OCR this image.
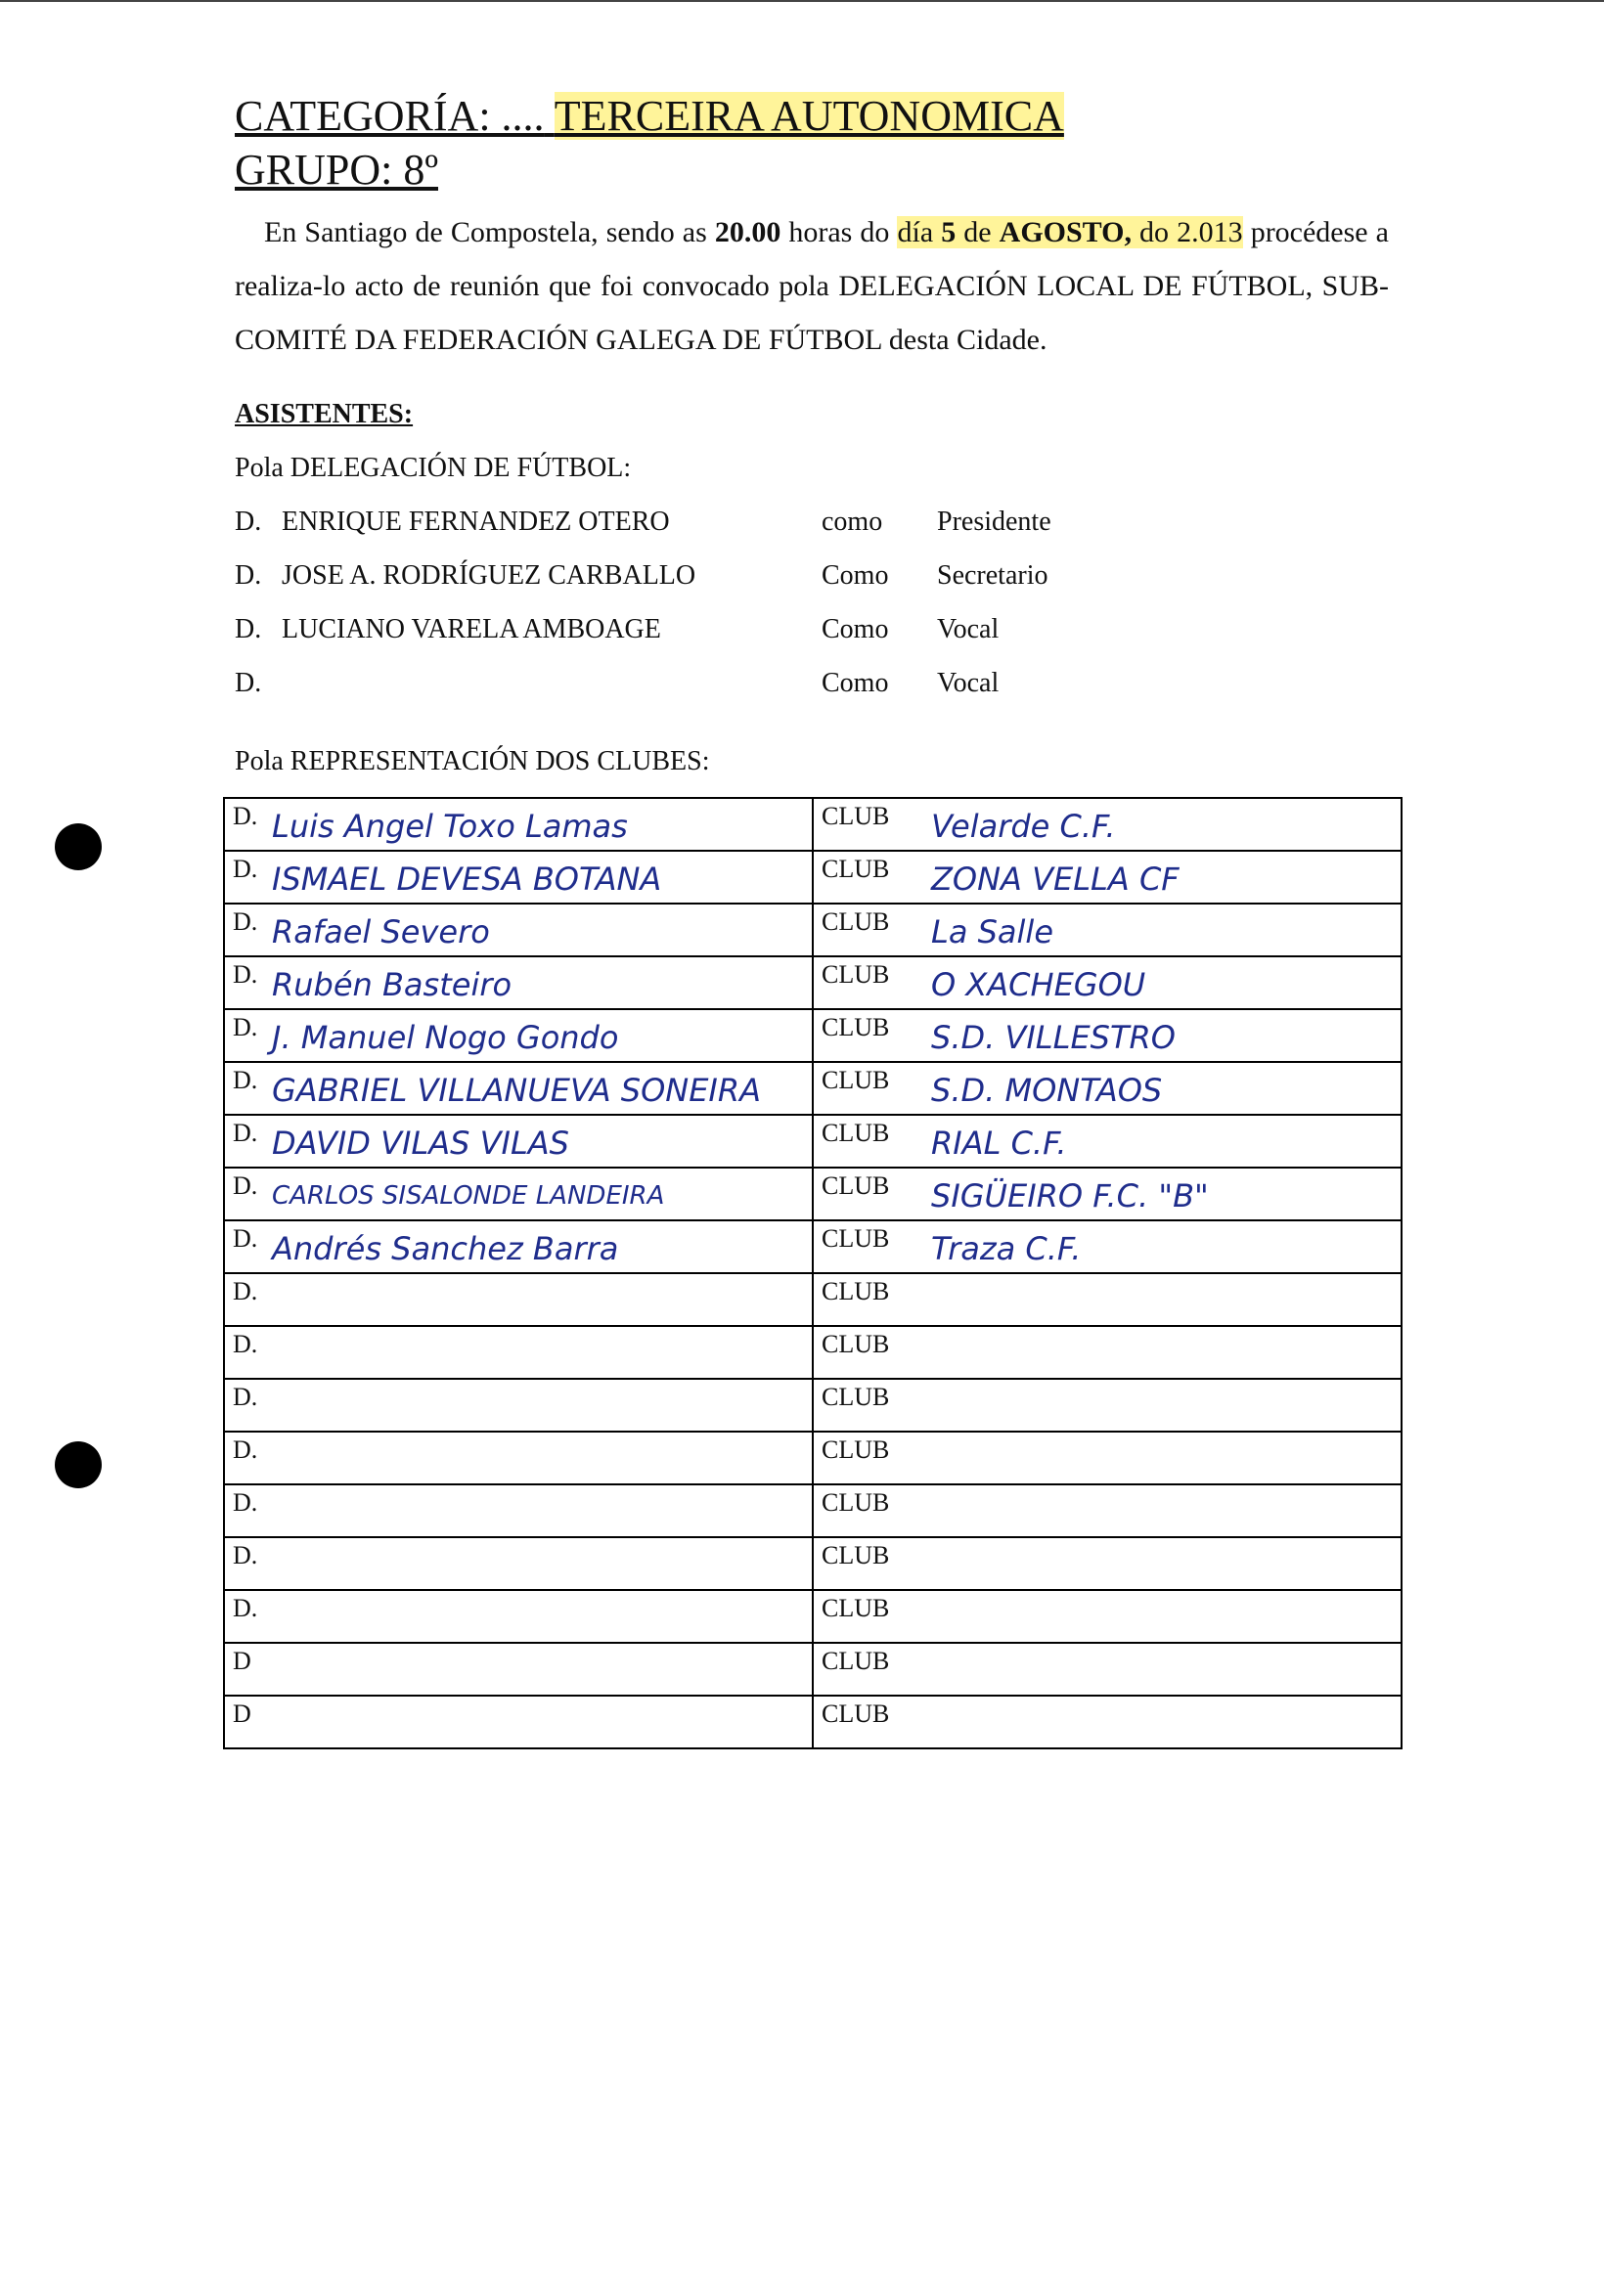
CATEGORÍA: .... TERCEIRA AUTONOMICA
GRUPO: 8º
En Santiago de Compostela, sendo as 20.00 horas do día 5 de AGOSTO, do 2.013 procédese a realiza-lo acto de reunión que foi convocado pola DELEGACIÓN LOCAL DE FÚTBOL, SUB-COMITÉ DA FEDERACIÓN GALEGA DE FÚTBOL desta Cidade.
ASISTENTES:
Pola DELEGACIÓN DE FÚTBOL:
D. ENRIQUE FERNANDEZ OTERO	como Presidente
D. JOSE A. RODRÍGUEZ CARBALLO	Como Secretario
D. LUCIANO VARELA AMBOAGE	Como Vocal
D.	Como Vocal
Pola REPRESENTACIÓN DOS CLUBES:
D. Luis Angel Toxo Lamas	CLUB Velarde C.F.

D. ISMAEL DEVESA BOTANA	CLUB ZONA VELLA CF

D. Rafael Severo	CLUB La Salle

D. Rubén Basteiro	CLUB O XACHEGOU

D. J. Manuel Nogo Gondo	CLUB S.D. VILLESTRO

D. GABRIEL VILLANUEVA SONEIRA	CLUB S.D. MONTAOS

D. DAVID VILAS VILAS	CLUB RIAL C.F.

D. CARLOS SISALONDE LANDEIRA	CLUB SIGÜEIRO F.C. "B"

D. Andrés Sanchez Barra	CLUB Traza C.F.

D.	CLUB

D.	CLUB

D.	CLUB

D.	CLUB

D.	CLUB

D.	CLUB

D.	CLUB

D	CLUB

D	CLUB
